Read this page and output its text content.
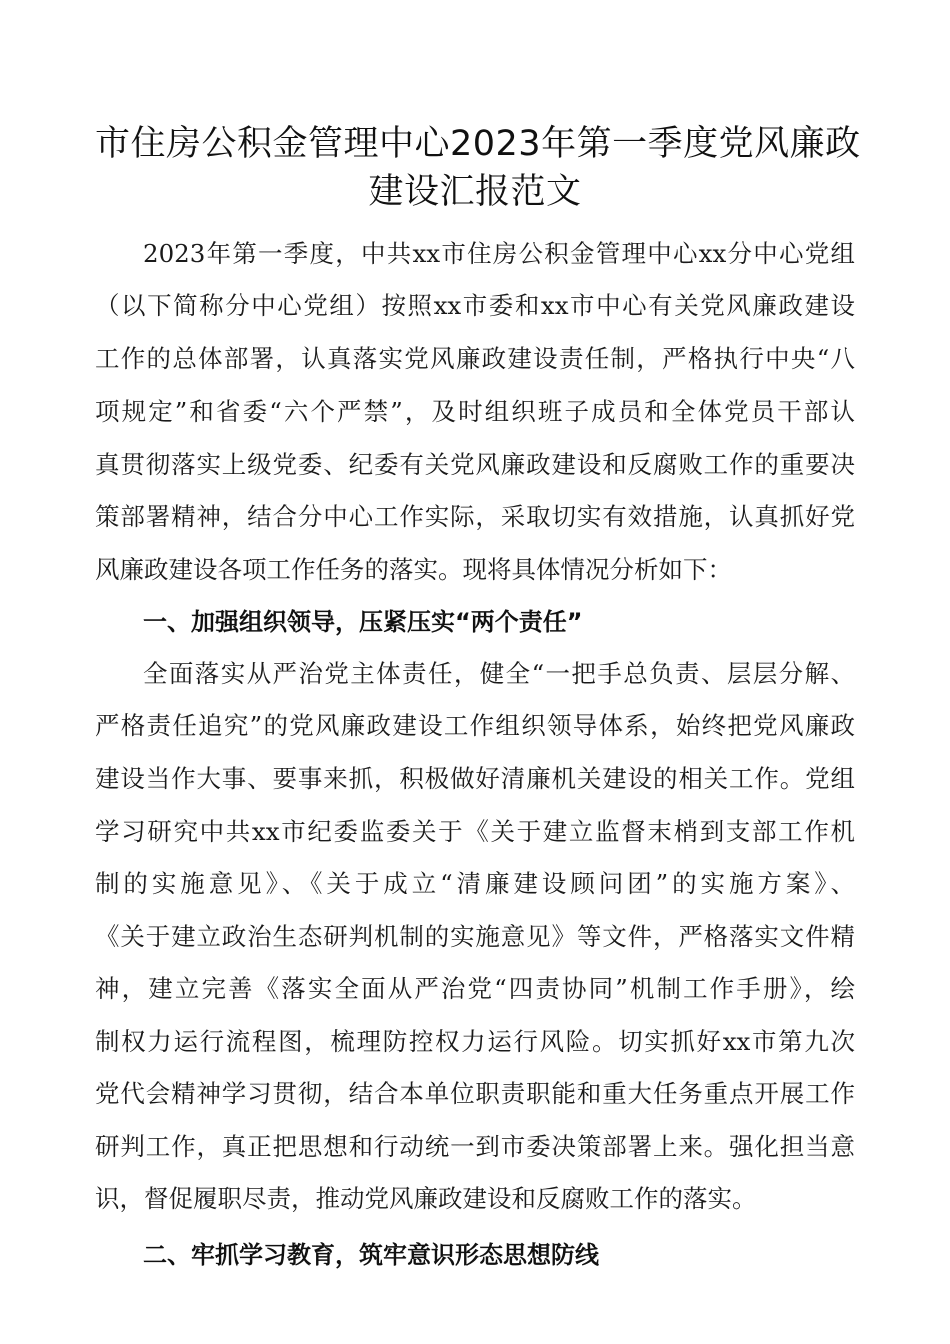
市住房公积金管理中心2023年第一季度党风廉政
建设汇报范文
2023年第一季度，中共xx市住房公积金管理中心xx分中心党组
（以下简称分中心党组）按照xx市委和xx市中心有关党风廉政建设
工作的总体部署，认真落实党风廉政建设责任制，严格执行中央“八
项规定”和省委“六个严禁”，及时组织班子成员和全体党员干部认
真贯彻落实上级党委、纪委有关党风廉政建设和反腐败工作的重要决
策部署精神，结合分中心工作实际，采取切实有效措施，认真抓好党
风廉政建设各项工作任务的落实。现将具体情况分析如下：
一、加强组织领导，压紧压实“两个责任”
全面落实从严治党主体责任，健全“一把手总负责、层层分解、
严格责任追究”的党风廉政建设工作组织领导体系，始终把党风廉政
建设当作大事、要事来抓，积极做好清廉机关建设的相关工作。党组
学习研究中共xx市纪委监委关于《关于建立监督末梢到支部工作机
制的实施意见》、《关于成立“清廉建设顾问团”的实施方案》、
《关于建立政治生态研判机制的实施意见》等文件，严格落实文件精
神，建立完善《落实全面从严治党“四责协同”机制工作手册》，绘
制权力运行流程图，梳理防控权力运行风险。切实抓好xx市第九次
党代会精神学习贯彻，结合本单位职责职能和重大任务重点开展工作
研判工作，真正把思想和行动统一到市委决策部署上来。强化担当意
识，督促履职尽责，推动党风廉政建设和反腐败工作的落实。
二、牢抓学习教育，筑牢意识形态思想防线
